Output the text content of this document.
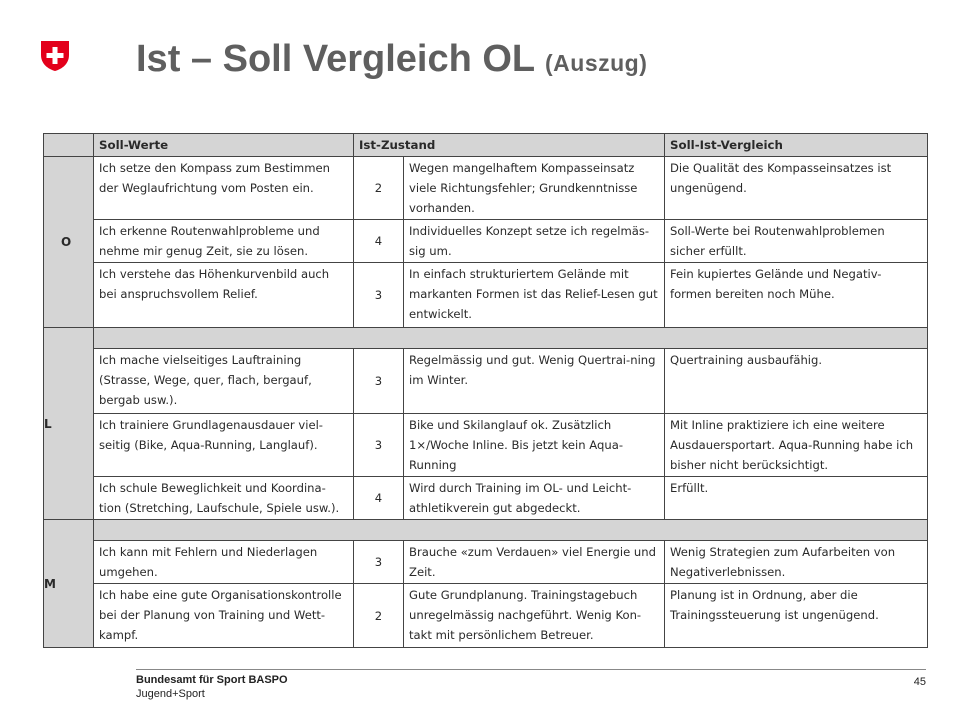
Ist – Soll Vergleich OL (Auszug)
	Soll-Werte	Ist-Zustand		Soll-Ist-Vergleich
O	Ich setze den Kompass zum Bestimmen der Weglaufrichtung vom Posten ein.	2	Wegen mangelhaftem Kompasseinsatz viele Richtungsfehler; Grundkenntnisse vorhanden.	Die Qualität des Kompasseinsatzes ist ungenügend.
	Ich erkenne Routenwahlprobleme und nehme mir genug Zeit, sie zu lösen.	4	Individuelles Konzept setze ich regelmäs-sig um.	Soll-Werte bei Routenwahlproblemen sicher erfüllt.
	Ich verstehe das Höhenkurvenbild auch bei anspruchsvollem Relief.	3	In einfach strukturiertem Gelände mit markanten Formen ist das Relief-Lesen gut entwickelt.	Fein kupiertes Gelände und Negativ-formen bereiten noch Mühe.
L				
	Ich mache vielseitiges Lauftraining (Strasse, Wege, quer, flach, bergauf, bergab usw.).	3	Regelmässig und gut. Wenig Quertrai-ning im Winter.	Quertraining ausbaufähig.
	Ich trainiere Grundlagenausdauer viel-seitig (Bike, Aqua-Running, Langlauf).	3	Bike und Skilanglauf ok. Zusätzlich 1×/Woche Inline. Bis jetzt kein Aqua-Running	Mit Inline praktiziere ich eine weitere Ausdauersportart. Aqua-Running habe ich bisher nicht berücksichtigt.
	Ich schule Beweglichkeit und Koordina-tion (Stretching, Laufschule, Spiele usw.).	4	Wird durch Training im OL- und Leicht-athletikverein gut abgedeckt.	Erfüllt.
M				
	Ich kann mit Fehlern und Niederlagen umgehen.	3	Brauche «zum Verdauen» viel Energie und Zeit.	Wenig Strategien zum Aufarbeiten von Negativerlebnissen.
	Ich habe eine gute Organisationskontrolle bei der Planung von Training und Wett-kampf.	2	Gute Grundplanung. Trainingstagebuch unregelmässig nachgeführt. Wenig Kon-takt mit persönlichem Betreuer.	Planung ist in Ordnung, aber die Trainingssteuerung ist ungenügend.
Bundesamt für Sport BASPO
Jugend+Sport
45
